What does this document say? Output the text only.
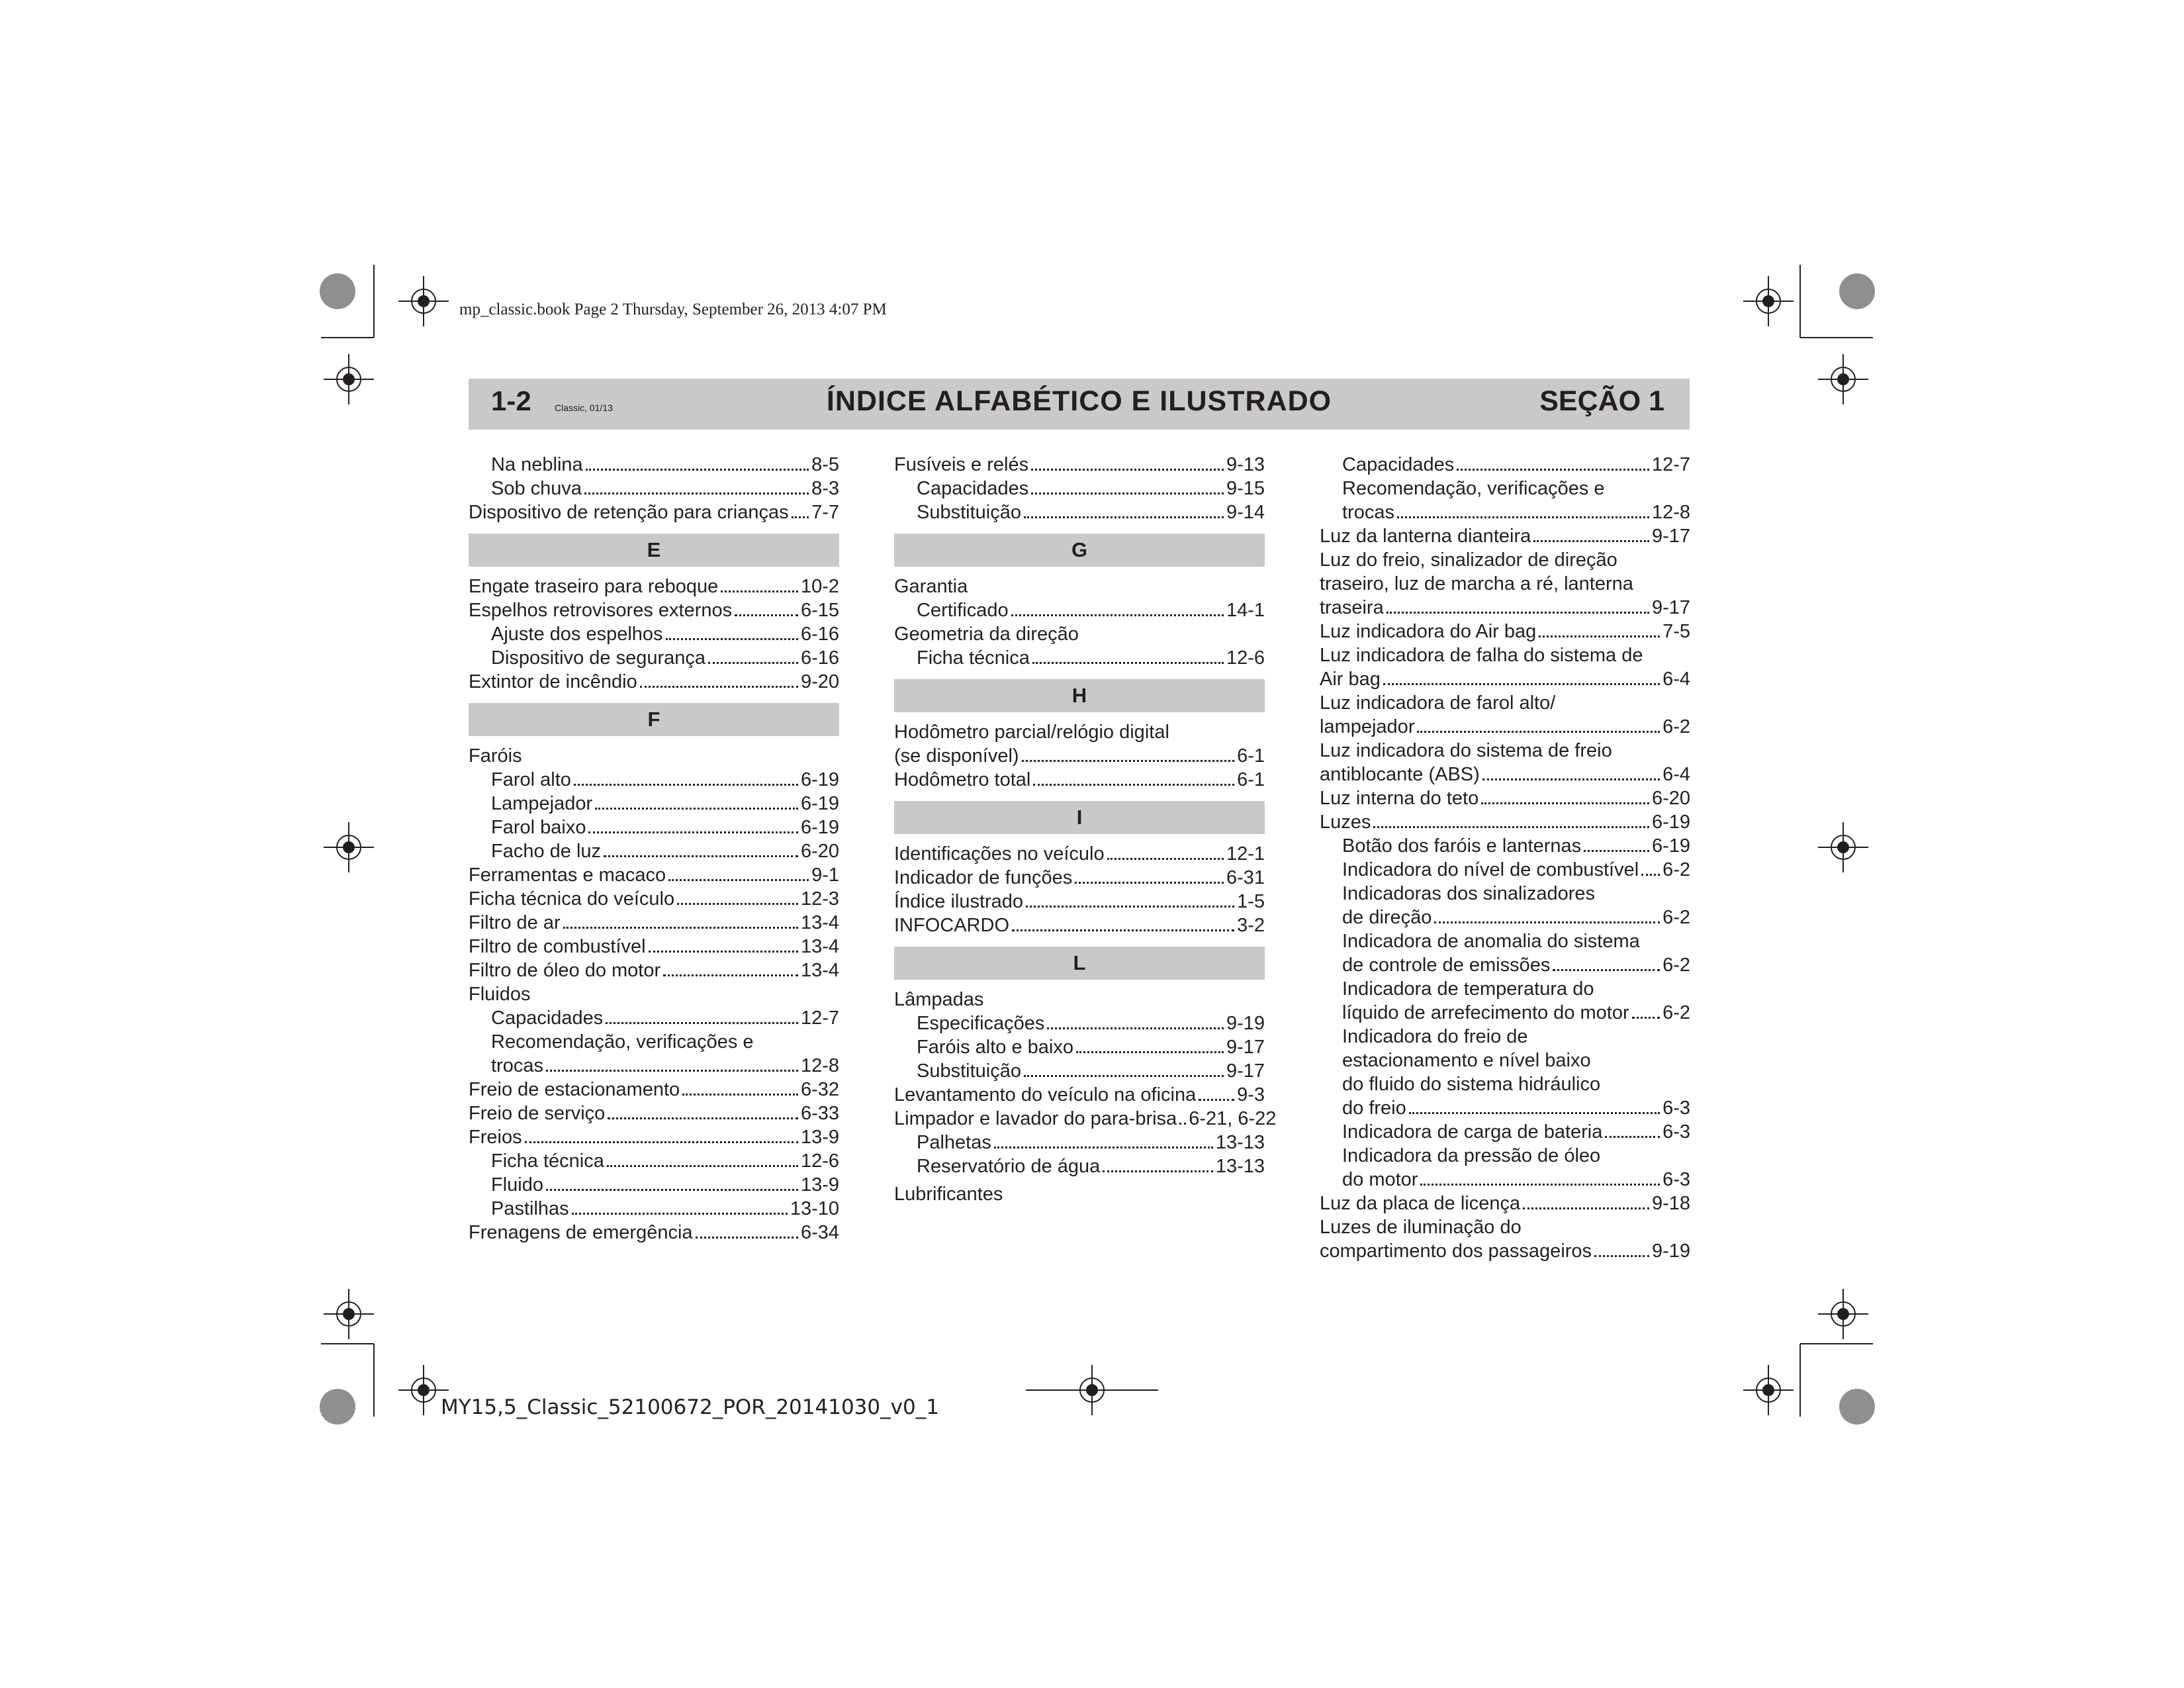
mp_classic.book Page 2 Thursday, September 26, 2013 4:07 PM
1-2	Classic, 01/13	ÍNDICE ALFABÉTICO E ILUSTRADO	SEÇÃO 1
Na neblina	8-5
Sob chuva	8-3
Dispositivo de retenção para crianças 7-7
E
Engate traseiro para reboque	10-2
Espelhos retrovisores externos	6-15
Ajuste dos espelhos	6-16
Dispositivo de segurança	6-16
Extintor de incêndio	9-20
F
Faróis
Farol alto	6-19
Lampejador	6-19
Farol baixo	6-19
Facho de luz	6-20
Ferramentas e macaco	9-1
Ficha técnica do veículo	12-3
Filtro de ar	13-4
Filtro de combustível	13-4
Filtro de óleo do motor	13-4
Fluidos
Capacidades	12-7
Recomendação, verificações e
trocas	12-8
Freio de estacionamento	6-32
Freio de serviço	6-33
Freios	13-9
Ficha técnica	12-6
Fluido	13-9
Pastilhas	13-10
Frenagens de emergência	6-34
Fusíveis e relés	9-13
Capacidades	9-15
Substituição	9-14
G
Garantia
Certificado	14-1
Geometria da direção
Ficha técnica	12-6
H
Hodômetro parcial/relógio digital
(se disponível)	6-1
Hodômetro total	6-1
I
Identificações no veículo	12-1
Indicador de funções	6-31
Índice ilustrado	1-5
INFOCARDO	3-2
L
Lâmpadas
Especificações	9-19
Faróis alto e baixo	9-17
Substituição	9-17
Levantamento do veículo na oficina 9-3
Limpador e lavador do para-brisa 6-21, 6-22
Palhetas	13-13
Reservatório de água	13-13
Lubrificantes
Capacidades	12-7
Recomendação, verificações e
trocas	12-8
Luz da lanterna dianteira	9-17
Luz do freio, sinalizador de direção
traseiro, luz de marcha a ré, lanterna
traseira	9-17
Luz indicadora do Air bag	7-5
Luz indicadora de falha do sistema de
Air bag	6-4
Luz indicadora de farol alto/
lampejador	6-2
Luz indicadora do sistema de freio
antiblocante (ABS)	6-4
Luz interna do teto	6-20
Luzes	6-19
Botão dos faróis e lanternas	6-19
Indicadora do nível de combustível 6-2
Indicadoras dos sinalizadores
de direção	6-2
Indicadora de anomalia do sistema
de controle de emissões	6-2
Indicadora de temperatura do
líquido de arrefecimento do motor 6-2
Indicadora do freio de
estacionamento e nível baixo
do fluido do sistema hidráulico
do freio	6-3
Indicadora de carga de bateria	6-3
Indicadora da pressão de óleo
do motor	6-3
Luz da placa de licença	9-18
Luzes de iluminação do
compartimento dos passageiros	9-19
MY15,5_Classic_52100672_POR_20141030_v0_1
